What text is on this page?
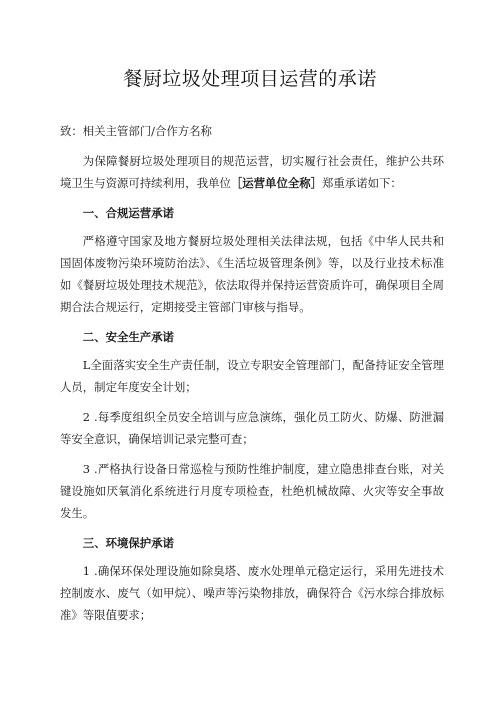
餐厨垃圾处理项目运营的承诺

致：相关主管部门/合作方名称

为保障餐厨垃圾处理项目的规范运营，切实履行社会责任，维护公共环境卫生与资源可持续利用，我单位［运营单位全称］郑重承诺如下：

一、合规运营承诺

严格遵守国家及地方餐厨垃圾处理相关法律法规，包括《中华人民共和国固体废物污染环境防治法》、《生活垃圾管理条例》等，以及行业技术标准如《餐厨垃圾处理技术规范》，依法取得并保持运营资质许可，确保项目全周期合法合规运行，定期接受主管部门审核与指导。

二、安全生产承诺

L全面落实安全生产责任制，设立专职安全管理部门，配备持证安全管理人员，制定年度安全计划；

2 .每季度组织全员安全培训与应急演练，强化员工防火、防爆、防泄漏等安全意识，确保培训记录完整可查；

3 .严格执行设备日常巡检与预防性维护制度，建立隐患排查台账，对关键设施如厌氧消化系统进行月度专项检查，杜绝机械故障、火灾等安全事故发生。

三、环境保护承诺

1 .确保环保处理设施如除臭塔、废水处理单元稳定运行，采用先进技术控制废水、废气（如甲烷）、噪声等污染物排放，确保符合《污水综合排放标准》等限值要求；
